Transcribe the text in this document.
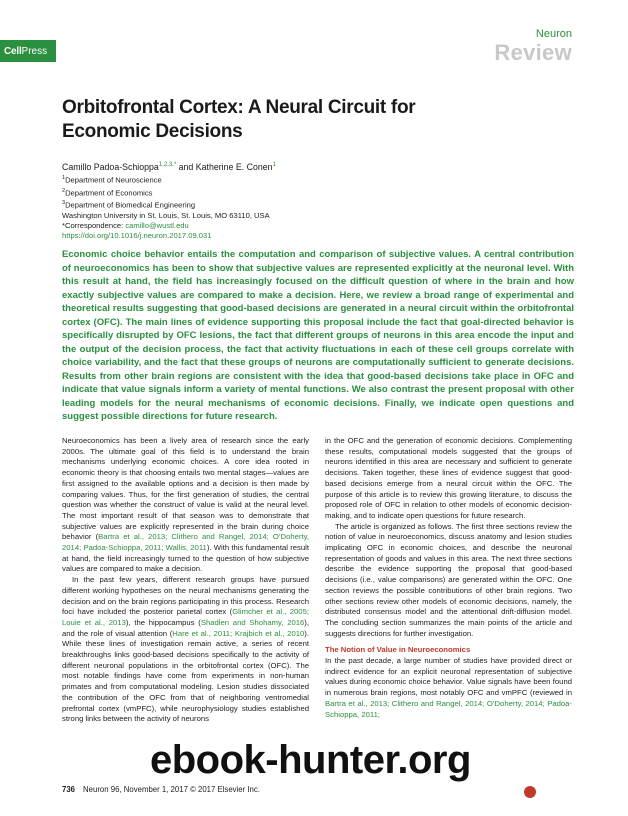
Cell Press
Neuron
Review
Orbitofrontal Cortex: A Neural Circuit for Economic Decisions
Camillo Padoa-Schioppa$^{1,2,3,*}$ and Katherine E. Conen$^1$
$^1$Department of Neuroscience
$^2$Department of Economics
$^3$Department of Biomedical Engineering
Washington University in St. Louis, St. Louis, MO 63110, USA
*Correspondence: camillo@wustl.edu
https://doi.org/10.1016/j.neuron.2017.09.031
Economic choice behavior entails the computation and comparison of subjective values. A central contribution of neuroeconomics has been to show that subjective values are represented explicitly at the neuronal level. With this result at hand, the field has increasingly focused on the difficult question of where in the brain and how exactly subjective values are compared to make a decision. Here, we review a broad range of experimental and theoretical results suggesting that good-based decisions are generated in a neural circuit within the orbitofrontal cortex (OFC). The main lines of evidence supporting this proposal include the fact that goal-directed behavior is specifically disrupted by OFC lesions, the fact that different groups of neurons in this area encode the input and the output of the decision process, the fact that activity fluctuations in each of these cell groups correlate with choice variability, and the fact that these groups of neurons are computationally sufficient to generate decisions. Results from other brain regions are consistent with the idea that good-based decisions take place in OFC and indicate that value signals inform a variety of mental functions. We also contrast the present proposal with other leading models for the neural mechanisms of economic decisions. Finally, we indicate open questions and suggest possible directions for future research.

Neuroeconomics has been a lively area of research since the early 2000s. The ultimate goal of this field is to understand the brain mechanisms underlying economic choices. A core idea rooted in economic theory is that choosing entails two mental stages—values are first assigned to the available options and a decision is then made by comparing values. Thus, for the first generation of studies, the central question was whether the construct of value is valid at the neural level. The most important result of that season was to demonstrate that subjective values are explicitly represented in the brain during choice behavior (Bartra et al., 2013; Clithero and Rangel, 2014; O’Doherty, 2014; Padoa-Schioppa, 2011; Wallis, 2011). With this fundamental result at hand, the field increasingly turned to the question of how subjective values are compared to make a decision.

In the past few years, different research groups have pursued different working hypotheses on the neural mechanisms generating the decision and on the brain regions participating in this process. Research foci have included the posterior parietal cortex (Glimcher et al., 2005; Louie et al., 2013), the hippocampus (Shadlen and Shohamy, 2016), and the role of visual attention (Hare et al., 2011; Krajbich et al., 2010). While these lines of investigation remain active, a series of recent breakthroughs links good-based decisions specifically to the activity of different neuronal populations in the orbitofrontal cortex (OFC). The most notable findings have come from experiments in non-human primates and from computational modeling. Lesion studies dissociated the contribution of the OFC from that of neighboring ventromedial prefrontal cortex (vmPFC), while neurophysiology studies established strong links between the activity of neurons

in the OFC and the generation of economic decisions. Complementing these results, computational models suggested that the groups of neurons identified in this area are necessary and sufficient to generate decisions. Taken together, these lines of evidence suggest that good-based decisions emerge from a neural circuit within the OFC. The purpose of this article is to review this growing literature, to discuss the proposed role of OFC in relation to other models of economic decision-making, and to indicate open questions for future research.

The article is organized as follows. The first three sections review the notion of value in neuroeconomics, discuss anatomy and lesion studies implicating OFC in economic choices, and describe the neuronal representation of goods and values in this area. The next three sections describe the evidence supporting the proposal that good-based decisions (i.e., value comparisons) are generated within the OFC. One section reviews the possible contributions of other brain regions. Two other sections review other models of economic decisions, namely, the distributed consensus model and the attentional drift-diffusion model. The concluding section summarizes the main points of the article and suggests directions for further investigation.

The Notion of Value in Neuroeconomics

In the past decade, a large number of studies have provided direct or indirect evidence for an explicit neuronal representation of subjective values during economic choice behavior. Value signals have been found in numerous brain regions, most notably OFC and vmPFC (reviewed in Bartra et al., 2013; Clithero and Rangel, 2014; O’Doherty, 2014; Padoa-Schioppa, 2011;

736 Neuron 96, November 1, 2017 © 2017 Elsevier Inc.
ebook-hunter.org
